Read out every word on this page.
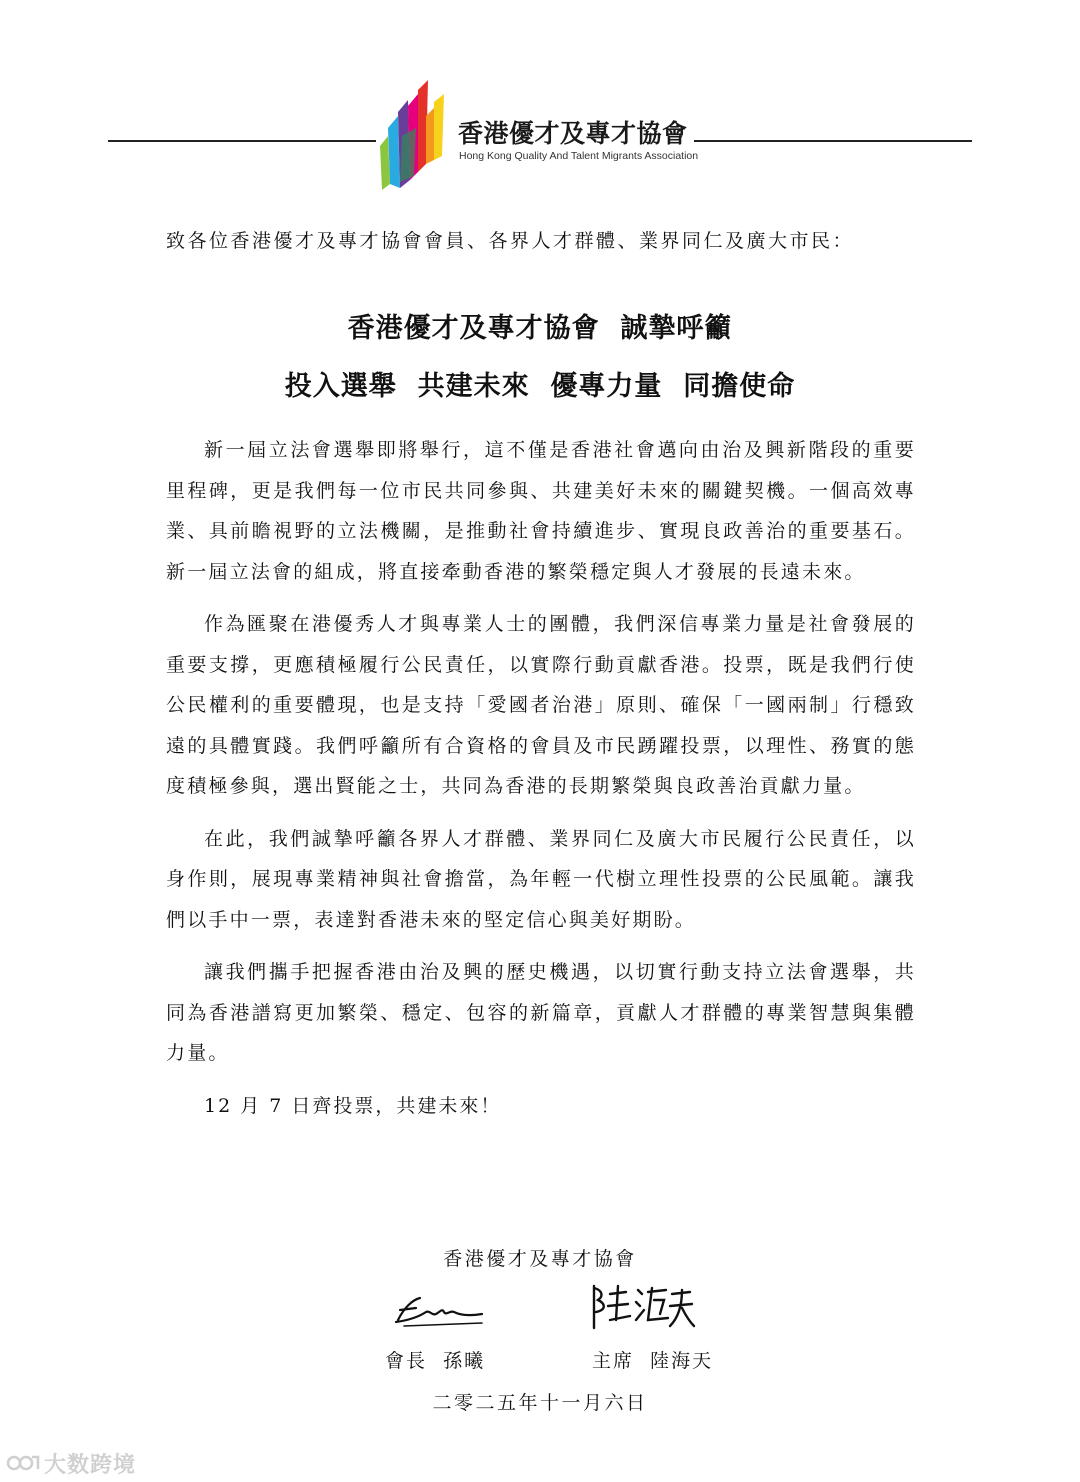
香港優才及專才協會
Hong Kong Quality And Talent Migrants Association
致各位香港優才及專才協會會員、各界人才群體、業界同仁及廣大市民：
香港優才及專才協會  誠摯呼籲
投入選舉  共建未來  優專力量  同擔使命

新一屆立法會選舉即將舉行，這不僅是香港社會邁向由治及興新階段的重要里程碑，更是我們每一位市民共同參與、共建美好未來的關鍵契機。一個高效專業、具前瞻視野的立法機關，是推動社會持續進步、實現良政善治的重要基石。新一屆立法會的組成，將直接牽動香港的繁榮穩定與人才發展的長遠未來。

作為匯聚在港優秀人才與專業人士的團體，我們深信專業力量是社會發展的重要支撐，更應積極履行公民責任，以實際行動貢獻香港。投票，既是我們行使公民權利的重要體現，也是支持「愛國者治港」原則、確保「一國兩制」行穩致遠的具體實踐。我們呼籲所有合資格的會員及市民踴躍投票，以理性、務實的態度積極參與，選出賢能之士，共同為香港的長期繁榮與良政善治貢獻力量。

在此，我們誠摯呼籲各界人才群體、業界同仁及廣大市民履行公民責任，以身作則，展現專業精神與社會擔當，為年輕一代樹立理性投票的公民風範。讓我們以手中一票，表達對香港未來的堅定信心與美好期盼。

讓我們攜手把握香港由治及興的歷史機遇，以切實行動支持立法會選舉，共同為香港譜寫更加繁榮、穩定、包容的新篇章，貢獻人才群體的專業智慧與集體力量。

12 月 7 日齊投票，共建未來！
香港優才及專才協會
會長  孫曦	主席  陸海天
二零二五年十一月六日
大数跨境
